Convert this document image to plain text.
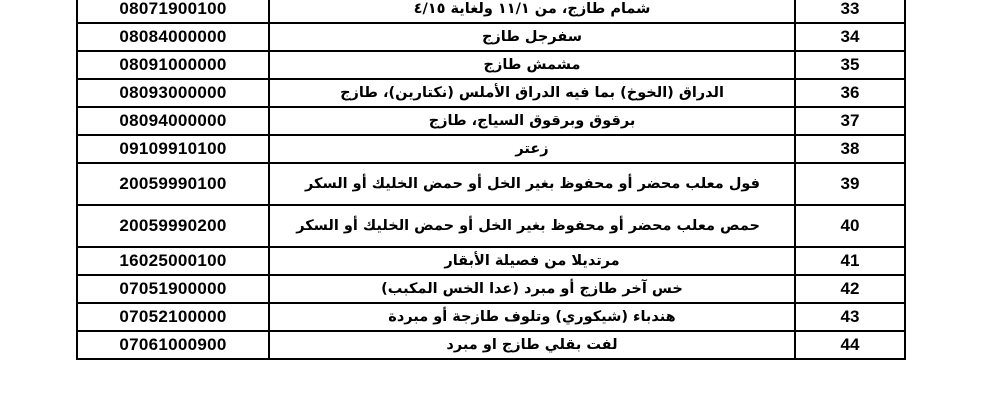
08071900100	شمام طازج، من ١١/١ ولغاية ٤/١٥	33
08084000000	سفرجل طازج	34
08091000000	مشمش طازج	35
08093000000	الدراق (الخوخ) بما فيه الدراق الأملس (نكتارين)، طازج	36
08094000000	برقوق وبرقوق السياج، طازج	37
09109910100	زعتر	38
20059990100	فول معلب محضر أو محفوظ بغير الخل أو حمض الخليك أو السكر	39
20059990200	حمص معلب محضر أو محفوظ بغير الخل أو حمض الخليك أو السكر	40
16025000100	مرتديلا من فصيلة الأبقار	41
07051900000	خس آخر طازج أو مبرد (عدا الخس المكبب)	42
07052100000	هندباء (شيكوري) وتلوف طازجة أو مبردة	43
07061000900	لفت بقلي طازج او مبرد	44
